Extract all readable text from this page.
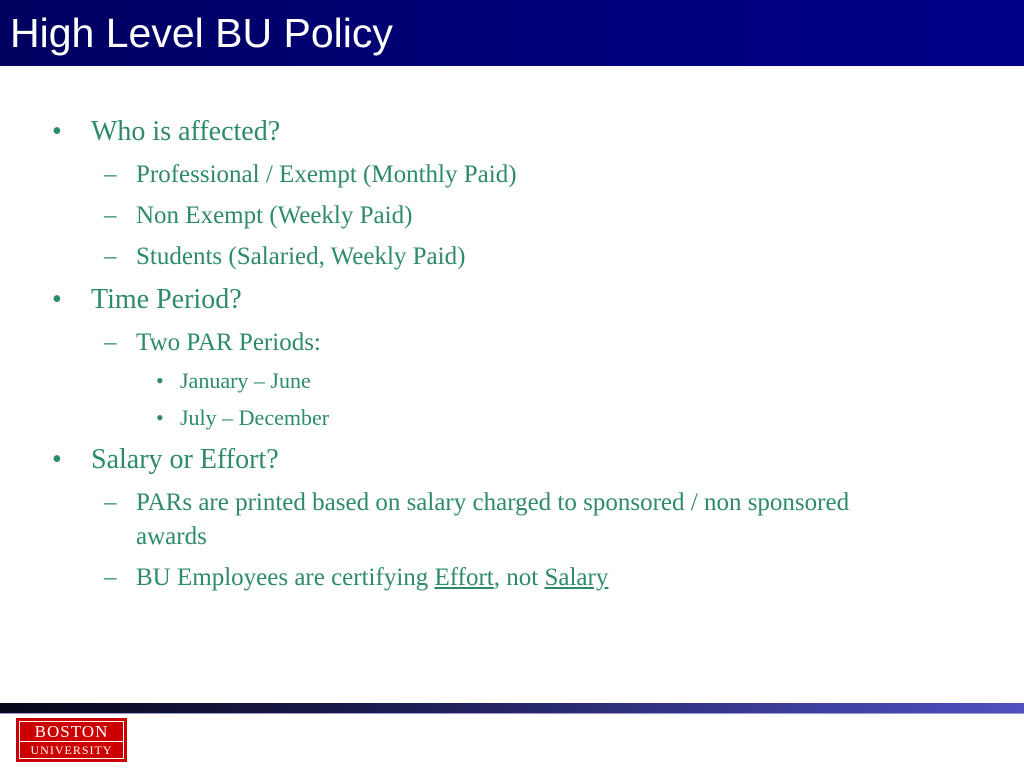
High Level BU Policy
• Who is affected?
– Professional / Exempt (Monthly Paid)
– Non Exempt (Weekly Paid)
– Students (Salaried, Weekly Paid)
• Time Period?
– Two PAR Periods:
• January – June
• July – December
• Salary or Effort?
– PARs are printed based on salary charged to sponsored / non sponsored
awards
– BU Employees are certifying Effort, not Salary
BOSTON
UNIVERSITY
